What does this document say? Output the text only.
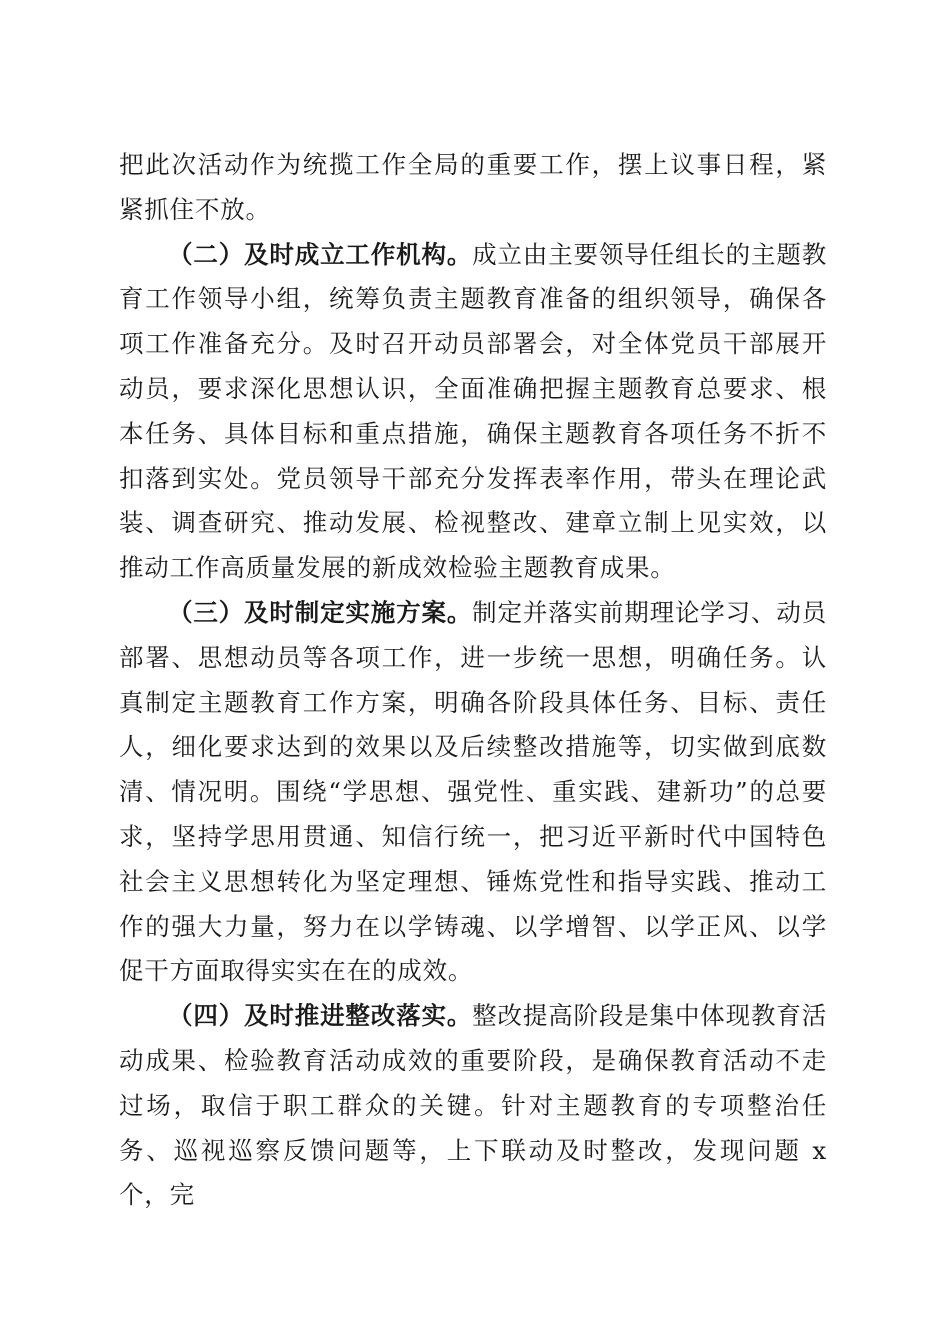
把此次活动作为统揽工作全局的重要工作，摆上议事日程，紧紧抓住不放。

（二）及时成立工作机构。成立由主要领导任组长的主题教育工作领导小组，统筹负责主题教育准备的组织领导，确保各项工作准备充分。及时召开动员部署会，对全体党员干部展开动员，要求深化思想认识，全面准确把握主题教育总要求、根本任务、具体目标和重点措施，确保主题教育各项任务不折不扣落到实处。党员领导干部充分发挥表率作用，带头在理论武装、调查研究、推动发展、检视整改、建章立制上见实效，以推动工作高质量发展的新成效检验主题教育成果。

（三）及时制定实施方案。制定并落实前期理论学习、动员部署、思想动员等各项工作，进一步统一思想，明确任务。认真制定主题教育工作方案，明确各阶段具体任务、目标、责任人，细化要求达到的效果以及后续整改措施等，切实做到底数清、情况明。围绕“学思想、强党性、重实践、建新功”的总要求，坚持学思用贯通、知信行统一，把习近平新时代中国特色社会主义思想转化为坚定理想、锤炼党性和指导实践、推动工作的强大力量，努力在以学铸魂、以学增智、以学正风、以学促干方面取得实实在在的成效。

（四）及时推进整改落实。整改提高阶段是集中体现教育活动成果、检验教育活动成效的重要阶段，是确保教育活动不走过场，取信于职工群众的关键。针对主题教育的专项整治任务、巡视巡察反馈问题等，上下联动及时整改，发现问题 x 个，完
